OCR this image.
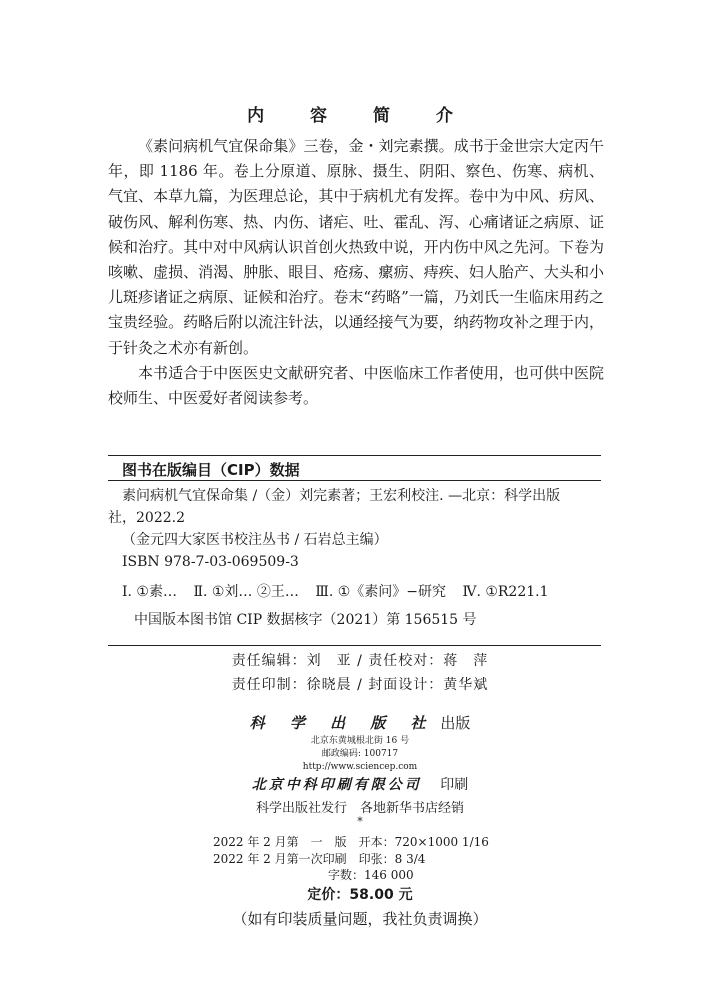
内 容 简 介

《素问病机气宜保命集》三卷，金・刘完素撰。成书于金世宗大定丙午年，即 1186 年。卷上分原道、原脉、摄生、阴阳、察色、伤寒、病机、气宜、本草九篇，为医理总论，其中于病机尤有发挥。卷中为中风、疠风、破伤风、解利伤寒、热、内伤、诸疟、吐、霍乱、泻、心痛诸证之病原、证候和治疗。其中对中风病认识首创火热致中说，开内伤中风之先河。下卷为咳嗽、虚损、消渴、肿胀、眼目、疮疡、瘰疬、痔疾、妇人胎产、大头和小儿斑疹诸证之病原、证候和治疗。卷末“药略”一篇，乃刘氏一生临床用药之宝贵经验。药略后附以流注针法，以通经接气为要，纳药物攻补之理于内，于针灸之术亦有新创。

本书适合于中医医史文献研究者、中医临床工作者使用，也可供中医院校师生、中医爱好者阅读参考。

图书在版编目（CIP）数据
素问病机气宜保命集 /（金）刘完素著；王宏利校注. —北京：科学出版
社，2022.2
（金元四大家医书校注丛书 / 石岩总主编）
ISBN 978-7-03-069509-3
Ⅰ. ①素… Ⅱ. ①刘… ②王… Ⅲ. ①《素问》−研究 Ⅳ. ①R221.1
中国版本图书馆 CIP 数据核字（2021）第 156515 号
责任编辑：刘　亚 / 责任校对：蒋　萍
责任印制：徐晓晨 / 封面设计：黄华斌
科 学 出 版 社 出版
北京东黄城根北街 16 号
邮政编码: 100717
http://www.sciencep.com
北京中科印刷有限公司 印刷
科学出版社发行　各地新华书店经销
*
2022 年 2 月第　一　版　开本：720×1000 1/16
2022 年 2 月第一次印刷　印张：8 3/4
字数：146 000
定价：58.00 元
（如有印装质量问题，我社负责调换）
